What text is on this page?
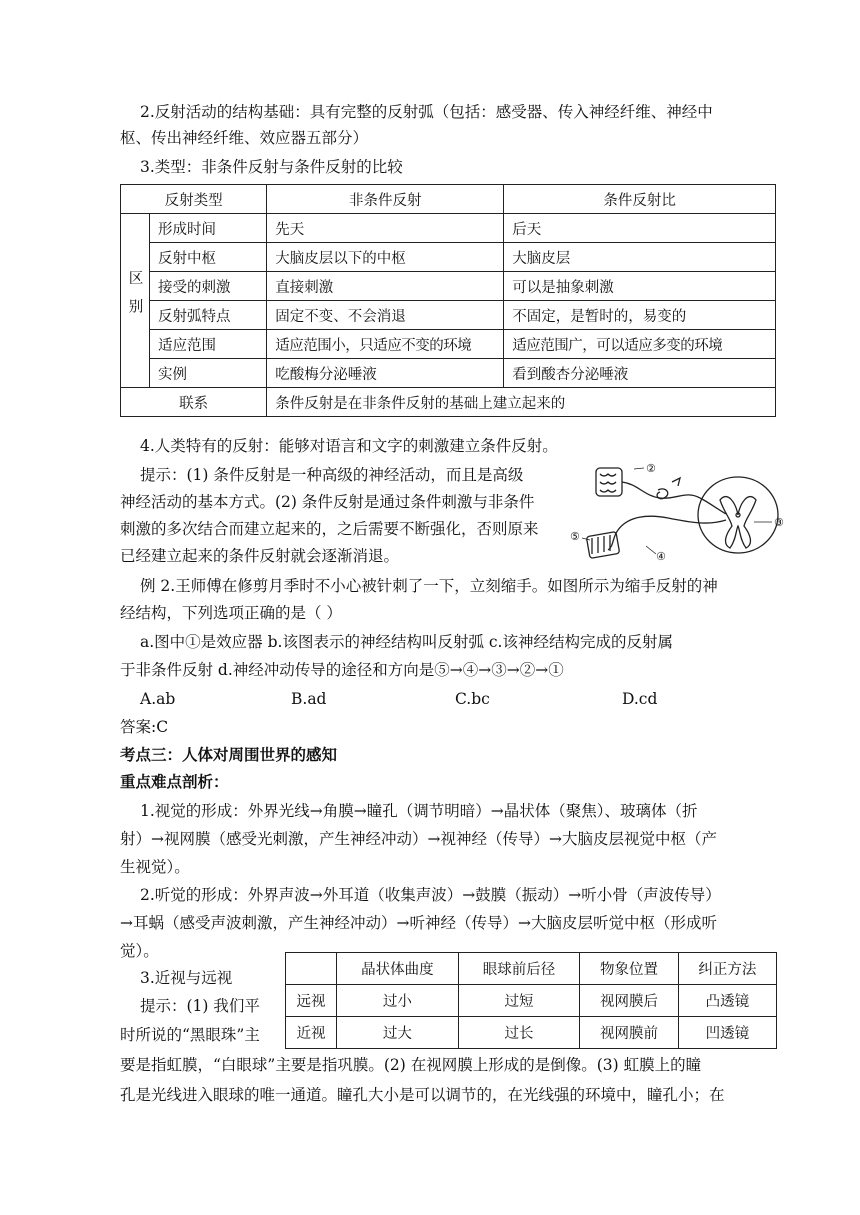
2.反射活动的结构基础：具有完整的反射弧（包括：感受器、传入神经纤维、神经中
枢、传出神经纤维、效应器五部分）
3.类型：非条件反射与条件反射的比较
反射类型		非条件反射	条件反射比
区别	形成时间	先天	后天
	反射中枢	大脑皮层以下的中枢	大脑皮层
	接受的刺激	直接刺激	可以是抽象刺激
	反射弧特点	固定不变、不会消退	不固定，是暂时的，易变的
	适应范围	适应范围小，只适应不变的环境	适应范围广，可以适应多变的环境
	实例	吃酸梅分泌唾液	看到酸杏分泌唾液
联系		条件反射是在非条件反射的基础上建立起来的	
4.人类特有的反射：能够对语言和文字的刺激建立条件反射。
提示：(1) 条件反射是一种高级的神经活动，而且是高级
神经活动的基本方式。(2) 条件反射是通过条件刺激与非条件
刺激的多次结合而建立起来的，之后需要不断强化，否则原来
已经建立起来的条件反射就会逐渐消退。
②
③
④
⑤
例 2.王师傅在修剪月季时不小心被针刺了一下，立刻缩手。如图所示为缩手反射的神
经结构，下列选项正确的是（ ）
a.图中①是效应器 b.该图表示的神经结构叫反射弧 c.该神经结构完成的反射属
于非条件反射 d.神经冲动传导的途径和方向是⑤→④→③→②→①
A.ab	B.ad	C.bc	D.cd
答案:C
考点三：人体对周围世界的感知
重点难点剖析：
1.视觉的形成：外界光线→角膜→瞳孔（调节明暗）→晶状体（聚焦）、玻璃体（折
射）→视网膜（感受光刺激，产生神经冲动）→视神经（传导）→大脑皮层视觉中枢（产
生视觉）。
2.听觉的形成：外界声波→外耳道（收集声波）→鼓膜（振动）→听小骨（声波传导）
→耳蜗（感受声波刺激，产生神经冲动）→听神经（传导）→大脑皮层听觉中枢（形成听
觉）。
3.近视与远视
提示：(1) 我们平
时所说的“黑眼珠”主
	晶状体曲度	眼球前后径	物象位置	纠正方法
远视	过小	过短	视网膜后	凸透镜
近视	过大	过长	视网膜前	凹透镜
要是指虹膜，“白眼球”主要是指巩膜。(2) 在视网膜上形成的是倒像。(3) 虹膜上的瞳
孔是光线进入眼球的唯一通道。瞳孔大小是可以调节的，在光线强的环境中，瞳孔小；在
